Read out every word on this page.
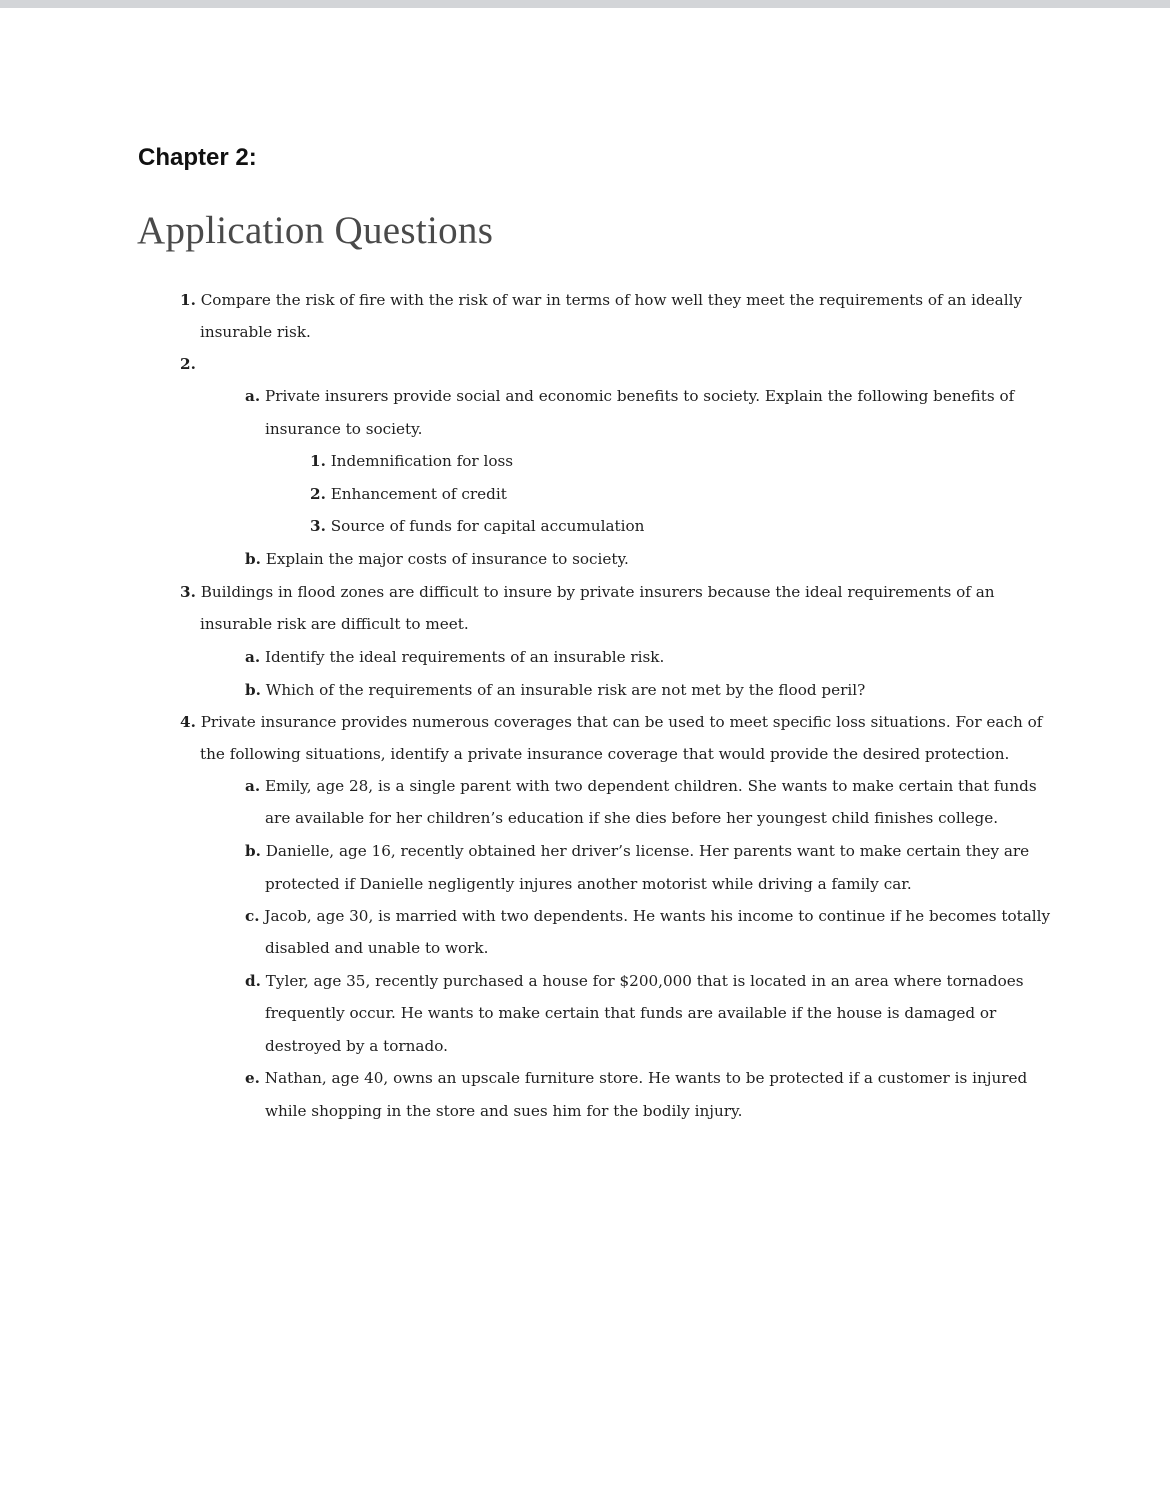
Chapter 2:
Application Questions
1. Compare the risk of fire with the risk of war in terms of how well they meet the requirements of an ideally
insurable risk.
2.
a. Private insurers provide social and economic benefits to society. Explain the following benefits of
insurance to society.
1. Indemnification for loss
2. Enhancement of credit
3. Source of funds for capital accumulation
b. Explain the major costs of insurance to society.
3. Buildings in flood zones are difficult to insure by private insurers because the ideal requirements of an
insurable risk are difficult to meet.
a. Identify the ideal requirements of an insurable risk.
b. Which of the requirements of an insurable risk are not met by the flood peril?
4. Private insurance provides numerous coverages that can be used to meet specific loss situations. For each of
the following situations, identify a private insurance coverage that would provide the desired protection.
a. Emily, age 28, is a single parent with two dependent children. She wants to make certain that funds
are available for her children’s education if she dies before her youngest child finishes college.
b. Danielle, age 16, recently obtained her driver’s license. Her parents want to make certain they are
protected if Danielle negligently injures another motorist while driving a family car.
c. Jacob, age 30, is married with two dependents. He wants his income to continue if he becomes totally
disabled and unable to work.
d. Tyler, age 35, recently purchased a house for $200,000 that is located in an area where tornadoes
frequently occur. He wants to make certain that funds are available if the house is damaged or
destroyed by a tornado.
e. Nathan, age 40, owns an upscale furniture store. He wants to be protected if a customer is injured
while shopping in the store and sues him for the bodily injury.
